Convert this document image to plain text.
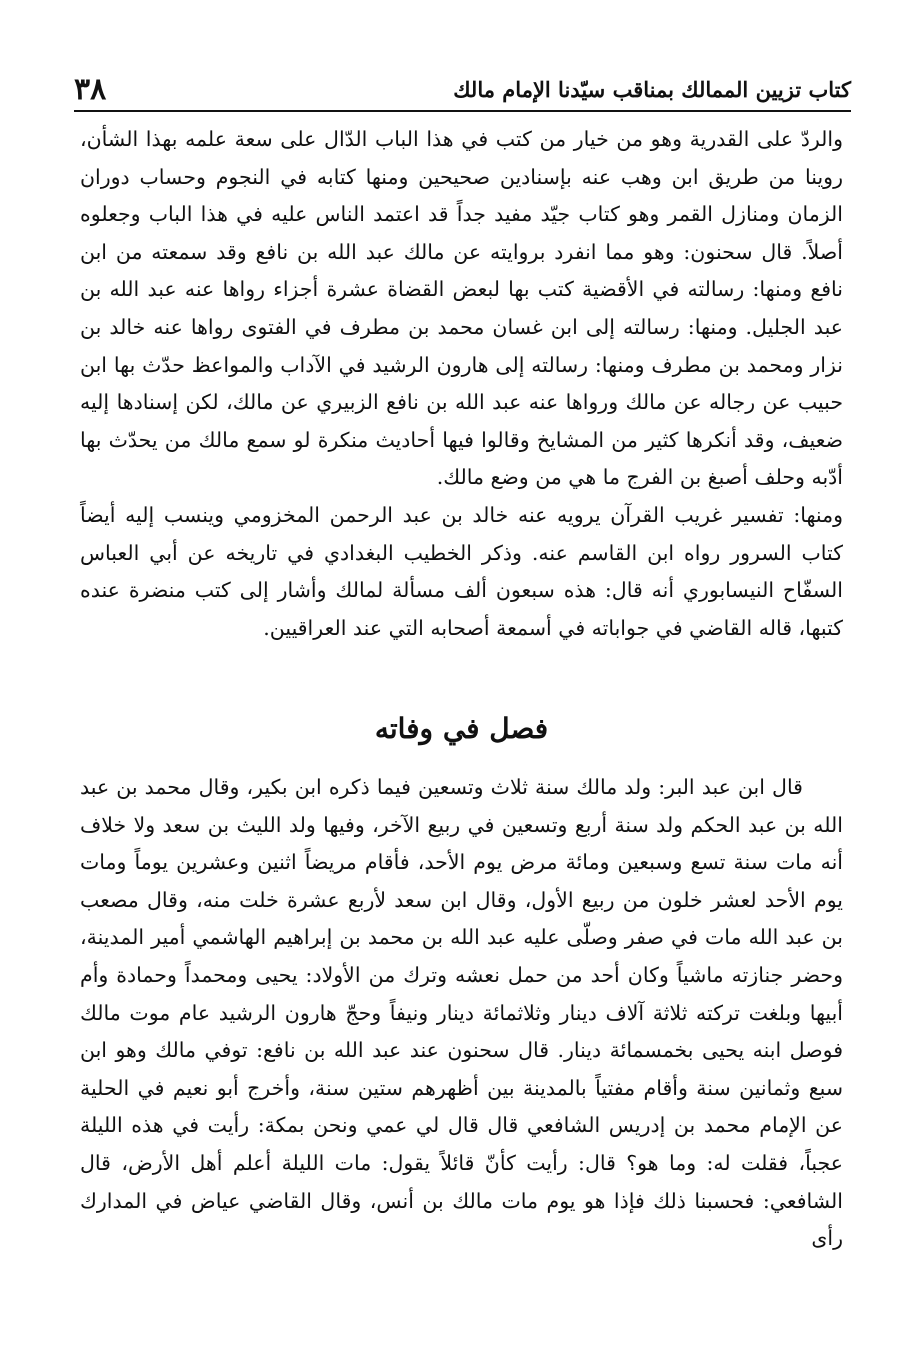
كتاب تزيين الممالك بمناقب سيّدنا الإمام مالك
٣٨

والردّ على القدرية وهو من خيار من كتب في هذا الباب الدّال على سعة علمه بهذا الشأن، روينا من طريق ابن وهب عنه بإسنادين صحيحين ومنها كتابه في النجوم وحساب دوران الزمان ومنازل القمر وهو كتاب جيّد مفيد جداً قد اعتمد الناس عليه في هذا الباب وجعلوه أصلاً. قال سحنون: وهو مما انفرد بروايته عن مالك عبد الله بن نافع وقد سمعته من ابن نافع ومنها: رسالته في الأقضية كتب بها لبعض القضاة عشرة أجزاء رواها عنه عبد الله بن عبد الجليل. ومنها: رسالته إلى ابن غسان محمد بن مطرف في الفتوى رواها عنه خالد بن نزار ومحمد بن مطرف ومنها: رسالته إلى هارون الرشيد في الآداب والمواعظ حدّث بها ابن حبيب عن رجاله عن مالك ورواها عنه عبد الله بن نافع الزبيري عن مالك، لكن إسنادها إليه ضعيف، وقد أنكرها كثير من المشايخ وقالوا فيها أحاديث منكرة لو سمع مالك من يحدّث بها أدّبه وحلف أصبغ بن الفرج ما هي من وضع مالك.

ومنها: تفسير غريب القرآن يرويه عنه خالد بن عبد الرحمن المخزومي وينسب إليه أيضاً كتاب السرور رواه ابن القاسم عنه. وذكر الخطيب البغدادي في تاريخه عن أبي العباس السفّاح النيسابوري أنه قال: هذه سبعون ألف مسألة لمالك وأشار إلى كتب منضرة عنده كتبها، قاله القاضي في جواباته في أسمعة أصحابه التي عند العراقيين.

فصل في وفاته

قال ابن عبد البر: ولد مالك سنة ثلاث وتسعين فيما ذكره ابن بكير، وقال محمد بن عبد الله بن عبد الحكم ولد سنة أربع وتسعين في ربيع الآخر، وفيها ولد الليث بن سعد ولا خلاف أنه مات سنة تسع وسبعين ومائة مرض يوم الأحد، فأقام مريضاً اثنين وعشرين يوماً ومات يوم الأحد لعشر خلون من ربيع الأول، وقال ابن سعد لأربع عشرة خلت منه، وقال مصعب بن عبد الله مات في صفر وصلّى عليه عبد الله بن محمد بن إبراهيم الهاشمي أمير المدينة، وحضر جنازته ماشياً وكان أحد من حمل نعشه وترك من الأولاد: يحيى ومحمداً وحمادة وأم أبيها وبلغت تركته ثلاثة آلاف دينار وثلاثمائة دينار ونيفاً وحجّ هارون الرشيد عام موت مالك فوصل ابنه يحيى بخمسمائة دينار. قال سحنون عند عبد الله بن نافع: توفي مالك وهو ابن سبع وثمانين سنة وأقام مفتياً بالمدينة بين أظهرهم ستين سنة، وأخرج أبو نعيم في الحلية عن الإمام محمد بن إدريس الشافعي قال قال لي عمي ونحن بمكة: رأيت في هذه الليلة عجباً، فقلت له: وما هو؟ قال: رأيت كأنّ قائلاً يقول: مات الليلة أعلم أهل الأرض، قال الشافعي: فحسبنا ذلك فإذا هو يوم مات مالك بن أنس، وقال القاضي عياض في المدارك رأى
